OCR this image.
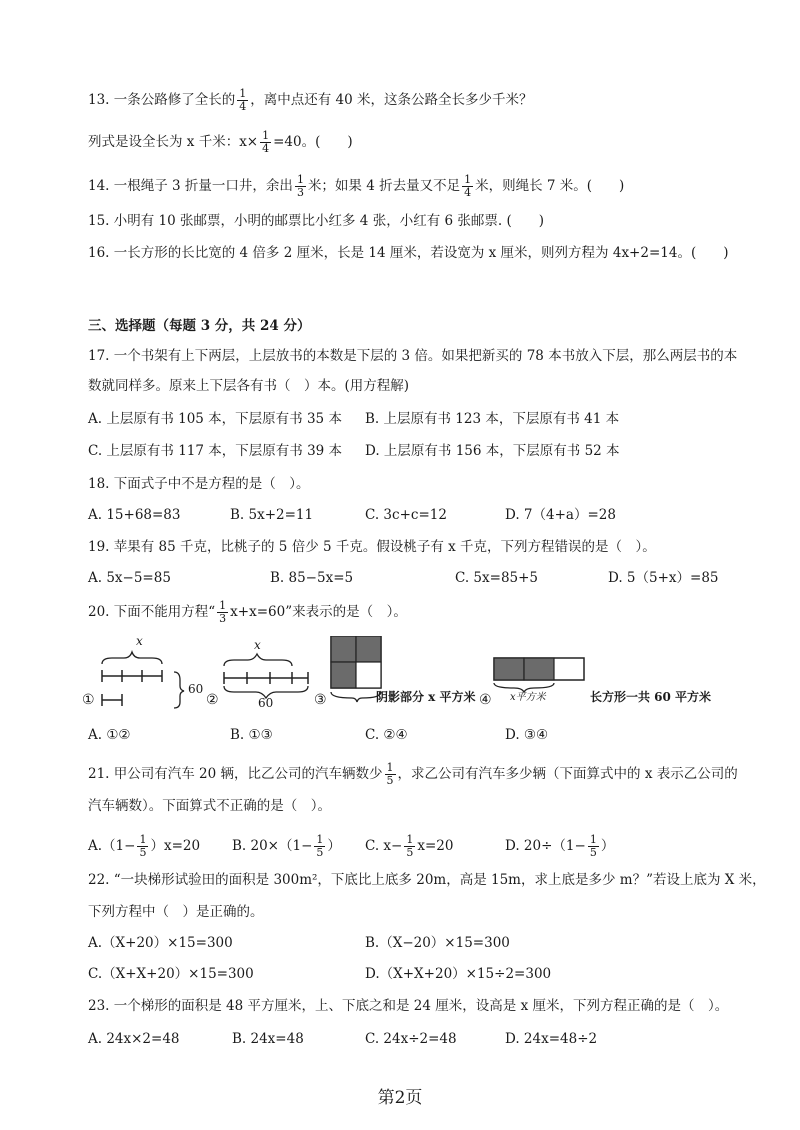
13. 一条公路修了全长的 $\frac{1}{4}$ ，离中点还有 40 米，这条公路全长多少千米？
列式是设全长为 x 千米：$x\times \frac{1}{4} =40$。(　　)
14. 一根绳子 3 折量一口井，余出 $\frac{1}{3}$ 米；如果 4 折去量又不足 $\frac{1}{4}$ 米，则绳长 7 米。(　　)
15. 小明有 10 张邮票，小明的邮票比小红多 4 张，小红有 6 张邮票. (　　)
16. 一长方形的长比宽的 4 倍多 2 厘米，长是 14 厘米，若设宽为 x 厘米，则列方程为 4x+2=14。(　　)
三、选择题（每题 3 分，共 24 分）
17. 一个书架有上下两层，上层放书的本数是下层的 3 倍。如果把新买的 78 本书放入下层，那么两层书的本
数就同样多。原来上下层各有书（　）本。(用方程解)
A. 上层原有书 105 本，下层原有书 35 本 B. 上层原有书 123 本，下层原有书 41 本
C. 上层原有书 117 本，下层原有书 39 本 D. 上层原有书 156 本，下层原有书 52 本
18. 下面式子中不是方程的是（　）。
A. 15+68=83	B. 5x+2=11	C. 3c+c=12	D. 7（4+a）=28
19. 苹果有 85 千克，比桃子的 5 倍少 5 千克。假设桃子有 x 千克，下列方程错误的是（　）。
A. 5x−5=85	B. 85−5x=5	C. 5x=85+5	D. 5（5+x）=85
20. 下面不能用方程“ $\frac{1}{3} x+x=60$”来表示的是（　）。
x
①
60
②
x
60	③	阴影部分 x 平方米 ④ x平方米	长方形一共 60 平方米
A. ①②	B. ①③	C. ②④	D. ③④
21. 甲公司有汽车 20 辆，比乙公司的汽车辆数少 $\frac{1}{5}$ ，求乙公司有汽车多少辆（下面算式中的 x 表示乙公司的
汽车辆数）。下面算式不正确的是（　）。
$A.(1- \frac{1}{5} )x=20$ B. $20\times(1- \frac{1}{5}$ ） C. $x- \frac{1}{5} x=20$	D. $20\div(1- \frac{1}{5}$ ）
22. “一块梯形试验田的面积是 300m²，下底比上底多 20m，高是 15m，求上底是多少 m？”若设上底为 X 米，
下列方程中（　）是正确的。
A.（X+20）×15=300	B.（X−20）×15=300
C.（X+X+20）×15=300	D.（X+X+20）×15÷2=300
23. 一个梯形的面积是 48 平方厘米，上、下底之和是 24 厘米，设高是 x 厘米，下列方程正确的是（　）。
A. 24x×2=48	B. 24x=48	C. 24x÷2=48	D. 24x=48÷2
第2页
